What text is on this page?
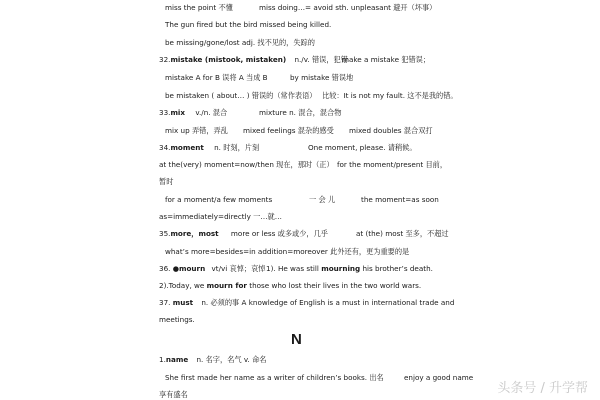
miss the point 不懂	miss doing…= avoid sth. unpleasant 避开（坏事）
The gun fired but the bird missed being killed.
be missing/gone/lost adj. 找不见的，失踪的
32.mistake (mistook, mistaken) n./v. 错误，犯错
make a mistake 犯错误；
mistake A for B 误将 A 当成 B	by mistake 错误地
be mistaken ( about… ) 错误的（常作表语） 比较：It is not my fault. 这不是我的错。
33.mix v./n. 混合	mixture n. 混合，混合物
mix up 弄错，弄乱 mixed feelings 混杂的感受 mixed doubles 混合双打
34.moment n. 时刻，片刻	One moment, please. 请稍候。
at the(very) moment=now/then 现在，那时（正） for the moment/present 目前，
暂时
for a moment/a few moments	一 会 儿	the moment=as soon
as=immediately=directly 一…就…
35.more，most more or less 或多或少，几乎	at (the) most 至多，不超过
what’s more=besides=in addition=moreover 此外还有，更为重要的是
36. ●mourn vt/vi 哀悼；哀悼 1). He was still mourning his brother’s death.
2).Today, we mourn for those who lost their lives in the two world wars.
37. must n. 必须的事 A knowledge of English is a must in international trade and
meetings.
N
1.name n. 名字，名气 v. 命名
She first made her name as a writer of children’s books. 出名	enjoy a good name
享有盛名	头条号 / 升学帮
